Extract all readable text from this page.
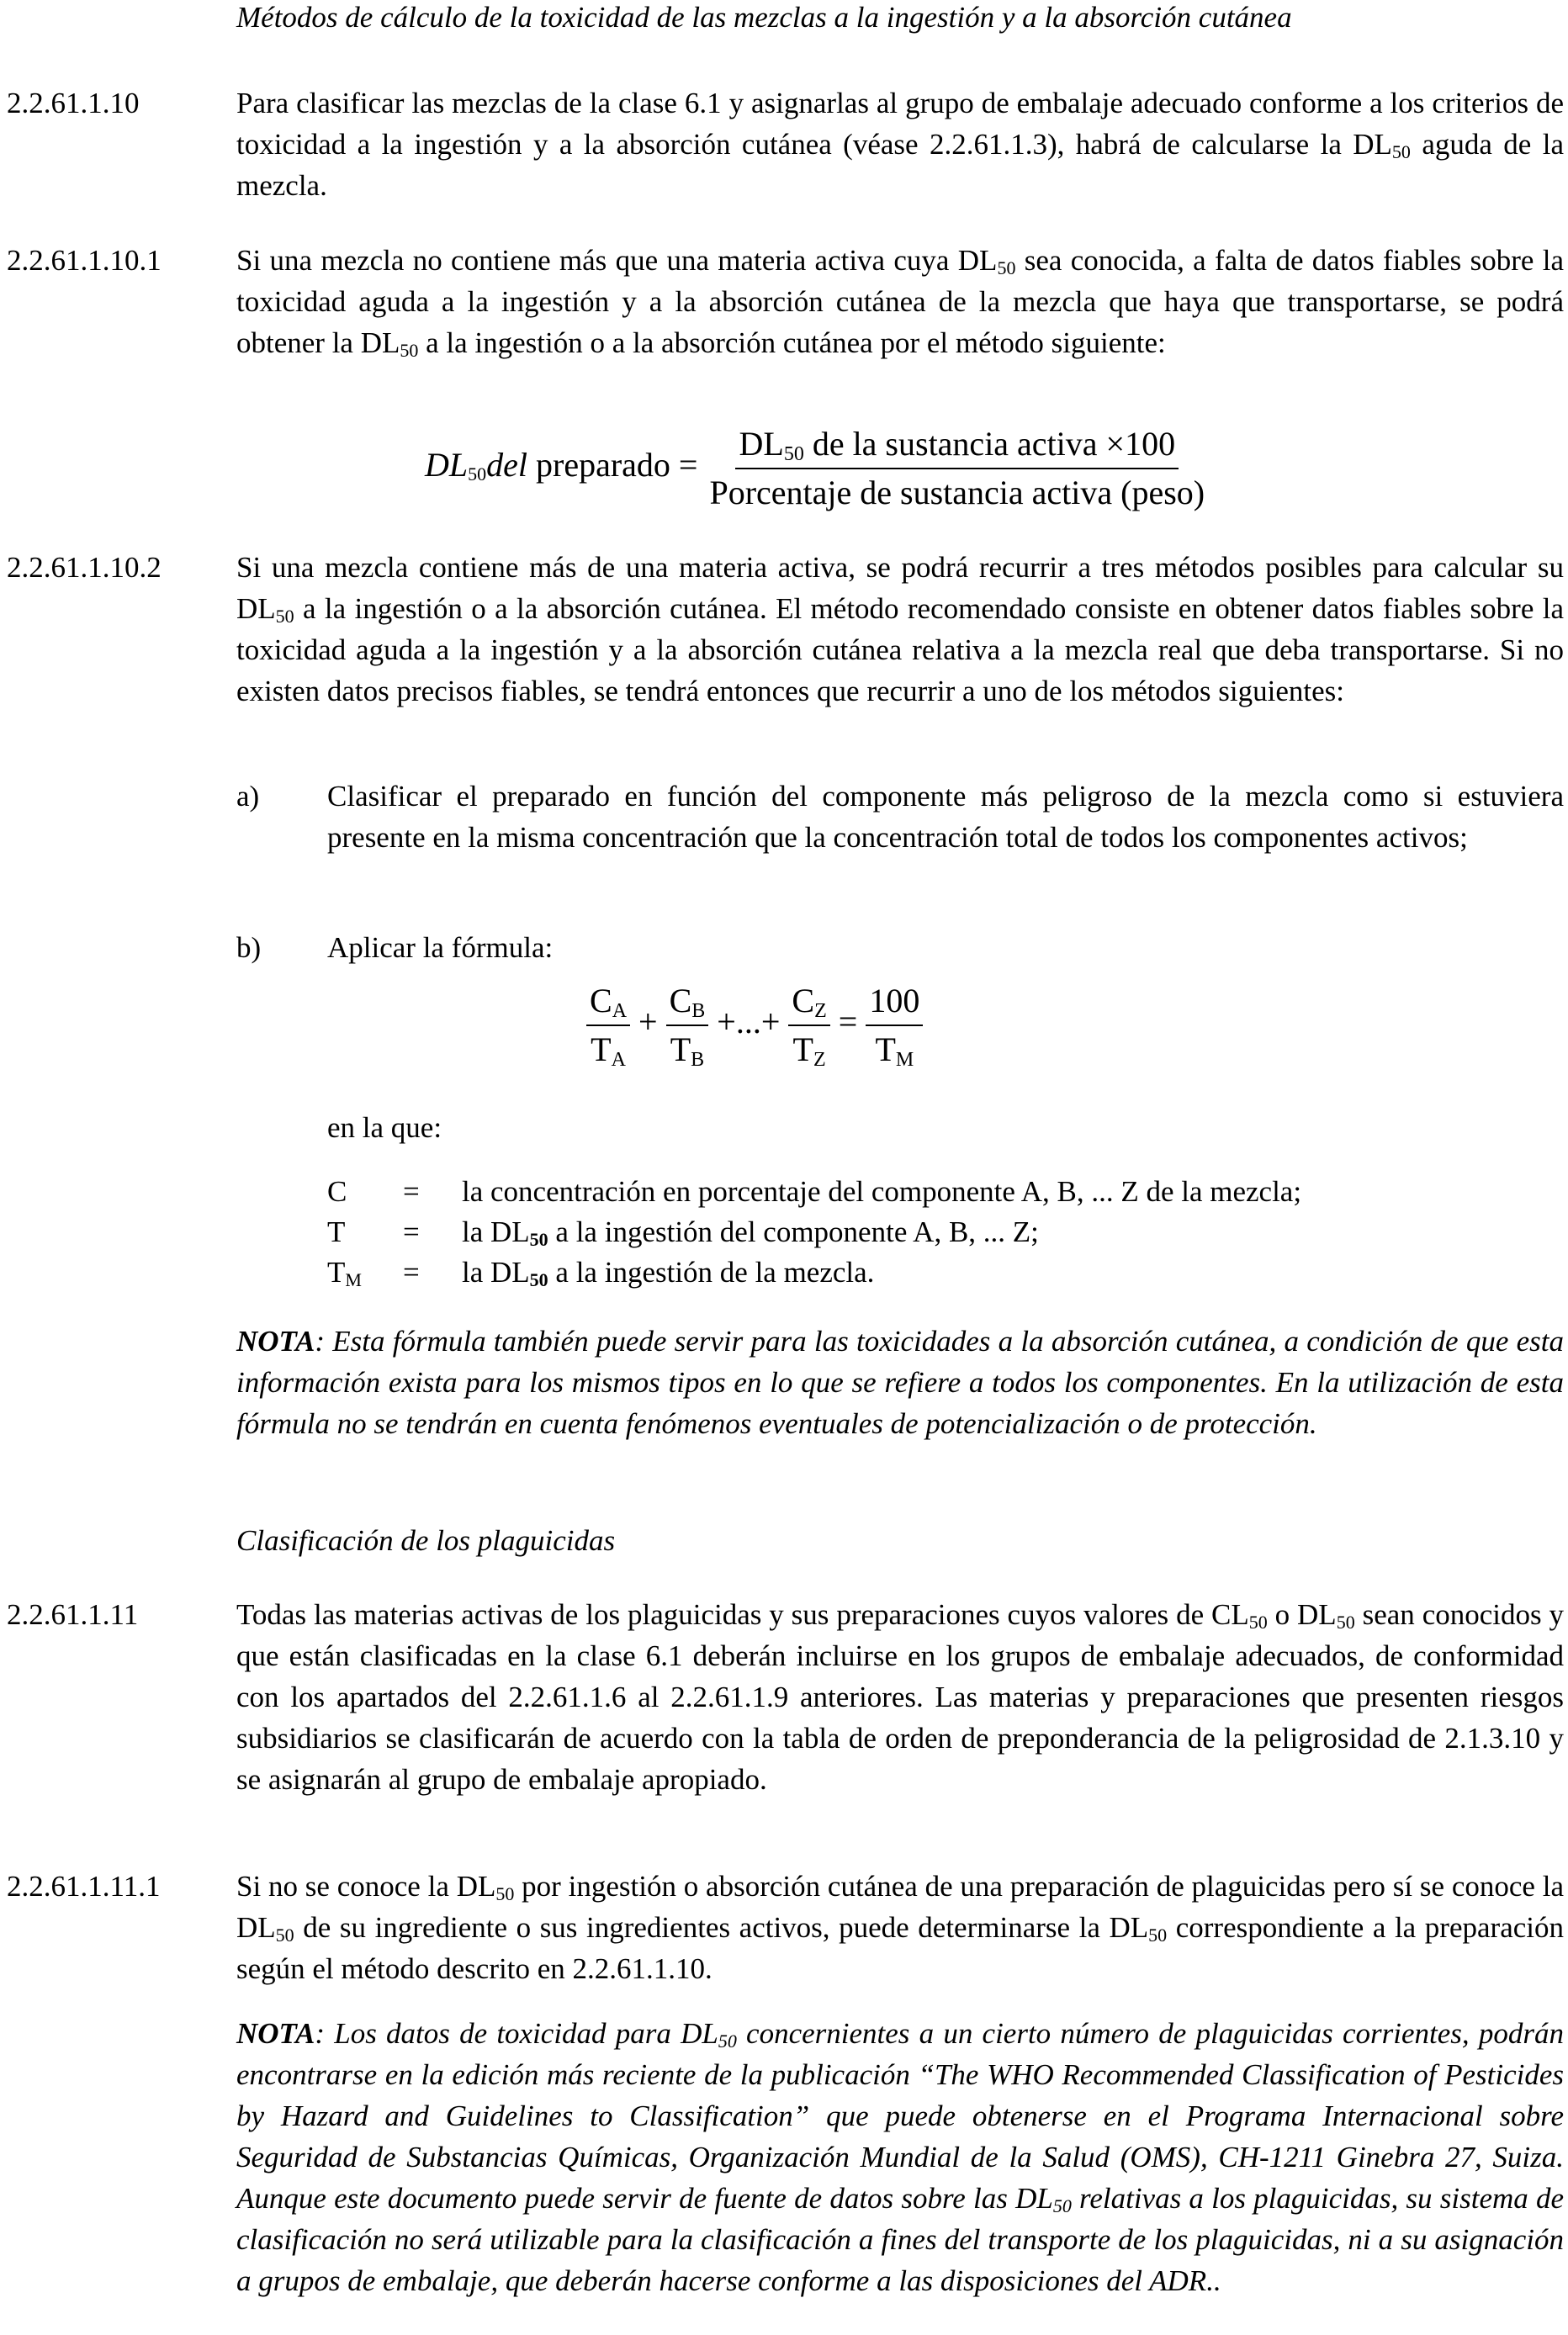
Métodos de cálculo de la toxicidad de las mezclas a la ingestión y a la absorción cutánea
2.2.61.1.10	Para clasificar las mezclas de la clase 6.1 y asignarlas al grupo de embalaje adecuado conforme a los criterios de toxicidad a la ingestión y a la absorción cutánea (véase 2.2.61.1.3), habrá de calcularse la $DL_{50}$ aguda de la mezcla.
2.2.61.1.10.1	Si una mezcla no contiene más que una materia activa cuya $DL_{50}$ sea conocida, a falta de datos fiables sobre la toxicidad aguda a la ingestión y a la absorción cutánea de la mezcla que haya que transportarse, se podrá obtener la $DL_{50}$ a la ingestión o a la absorción cutánea por el método siguiente:
$DL_{50}del$ preparado = $\frac{DL_{50} de la sustancia activa \times 100}{\text{Porcentaje de sustancia activa (peso)}}$
2.2.61.1.10.2	Si una mezcla contiene más de una materia activa, se podrá recurrir a tres métodos posibles para calcular su $DL_{50}$ a la ingestión o a la absorción cutánea. El método recomendado consiste en obtener datos fiables sobre la toxicidad aguda a la ingestión y a la absorción cutánea relativa a la mezcla real que deba transportarse. Si no existen datos precisos fiables, se tendrá entonces que recurrir a uno de los métodos siguientes:
a) Clasificar el preparado en función del componente más peligroso de la mezcla como si estuviera presente en la misma concentración que la concentración total de todos los componentes activos;
b) Aplicar la fórmula:
$\frac{C_A}{T_A} + \frac{C_B}{T_B}$ +...+ $\frac{C_Z}{T_Z} = \frac{100}{T_M}$
en la que:
C = la concentración en porcentaje del componente A, B, ... Z de la mezcla;
T = la $DL_{50}$ a la ingestión del componente A, B, ... Z;
$T_M$ = la $DL_{50}$ a la ingestión de la mezcla.
NOTA: Esta fórmula también puede servir para las toxicidades a la absorción cutánea, a condición de que esta información exista para los mismos tipos en lo que se refiere a todos los componentes. En la utilización de esta fórmula no se tendrán en cuenta fenómenos eventuales de potencialización o de protección.
Clasificación de los plaguicidas
2.2.61.1.11	Todas las materias activas de los plaguicidas y sus preparaciones cuyos valores de $CL_{50}$ o $DL_{50}$ sean conocidos y que están clasificadas en la clase 6.1 deberán incluirse en los grupos de embalaje adecuados, de conformidad con los apartados del 2.2.61.1.6 al 2.2.61.1.9 anteriores. Las materias y preparaciones que presenten riesgos subsidiarios se clasificarán de acuerdo con la tabla de orden de preponderancia de la peligrosidad de 2.1.3.10 y se asignarán al grupo de embalaje apropiado.
2.2.61.1.11.1	Si no se conoce la $DL_{50}$ por ingestión o absorción cutánea de una preparación de plaguicidas pero sí se conoce la $DL_{50}$ de su ingrediente o sus ingredientes activos, puede determinarse la $DL_{50}$ correspondiente a la preparación según el método descrito en 2.2.61.1.10.
NOTA: Los datos de toxicidad para $DL_{50}$ concernientes a un cierto número de plaguicidas corrientes, podrán encontrarse en la edición más reciente de la publicación “The WHO Recommended Classification of Pesticides by Hazard and Guidelines to Classification” que puede obtenerse en el Programa Internacional sobre Seguridad de Substancias Químicas, Organización Mundial de la Salud (OMS), CH-1211 Ginebra 27, Suiza. Aunque este documento puede servir de fuente de datos sobre las $DL_{50}$ relativas a los plaguicidas, su sistema de clasificación no será utilizable para la clasificación a fines del transporte de los plaguicidas, ni a su asignación a grupos de embalaje, que deberán hacerse conforme a las disposiciones del ADR..
